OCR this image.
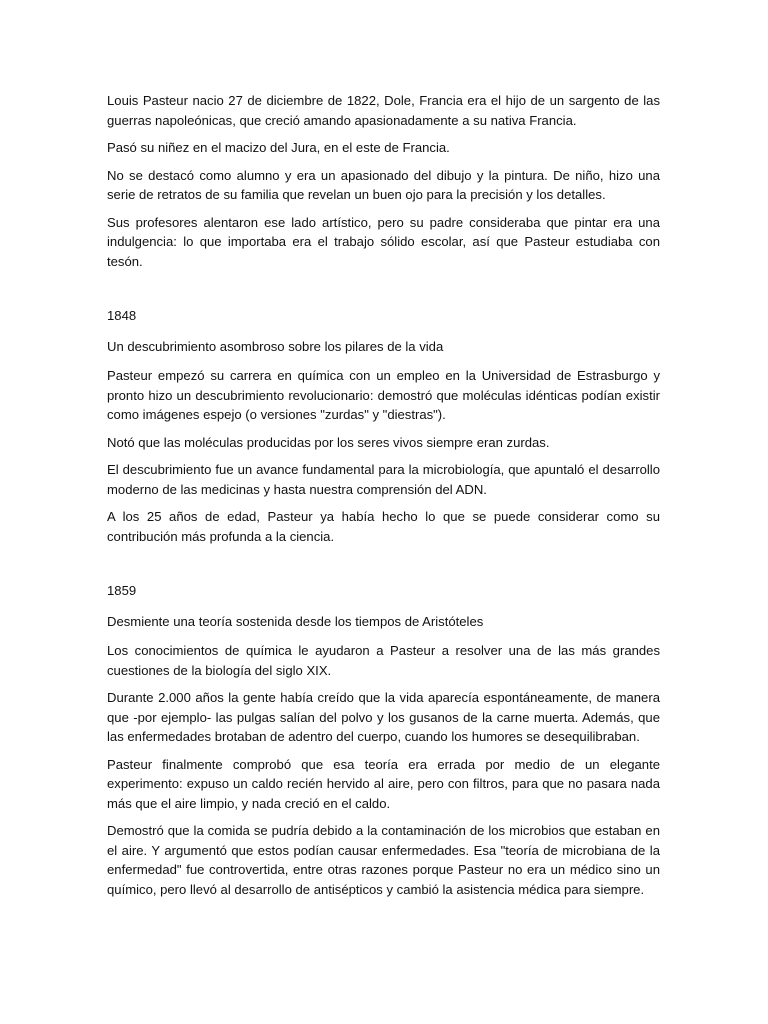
Louis Pasteur nacio 27 de diciembre de 1822, Dole, Francia era el hijo de un sargento de las guerras napoleónicas, que creció amando apasionadamente a su nativa Francia.

Pasó su niñez en el macizo del Jura, en el este de Francia.

No se destacó como alumno y era un apasionado del dibujo y la pintura. De niño, hizo una serie de retratos de su familia que revelan un buen ojo para la precisión y los detalles.

Sus profesores alentaron ese lado artístico, pero su padre consideraba que pintar era una indulgencia: lo que importaba era el trabajo sólido escolar, así que Pasteur estudiaba con tesón.

1848

Un descubrimiento asombroso sobre los pilares de la vida

Pasteur empezó su carrera en química con un empleo en la Universidad de Estrasburgo y pronto hizo un descubrimiento revolucionario: demostró que moléculas idénticas podían existir como imágenes espejo (o versiones "zurdas" y "diestras").

Notó que las moléculas producidas por los seres vivos siempre eran zurdas.

El descubrimiento fue un avance fundamental para la microbiología, que apuntaló el desarrollo moderno de las medicinas y hasta nuestra comprensión del ADN.

A los 25 años de edad, Pasteur ya había hecho lo que se puede considerar como su contribución más profunda a la ciencia.

1859

Desmiente una teoría sostenida desde los tiempos de Aristóteles

Los conocimientos de química le ayudaron a Pasteur a resolver una de las más grandes cuestiones de la biología del siglo XIX.

Durante 2.000 años la gente había creído que la vida aparecía espontáneamente, de manera que -por ejemplo- las pulgas salían del polvo y los gusanos de la carne muerta. Además, que las enfermedades brotaban de adentro del cuerpo, cuando los humores se desequilibraban.

Pasteur finalmente comprobó que esa teoría era errada por medio de un elegante experimento: expuso un caldo recién hervido al aire, pero con filtros, para que no pasara nada más que el aire limpio, y nada creció en el caldo.

Demostró que la comida se pudría debido a la contaminación de los microbios que estaban en el aire. Y argumentó que estos podían causar enfermedades. Esa "teoría de microbiana de la enfermedad" fue controvertida, entre otras razones porque Pasteur no era un médico sino un químico, pero llevó al desarrollo de antisépticos y cambió la asistencia médica para siempre.
